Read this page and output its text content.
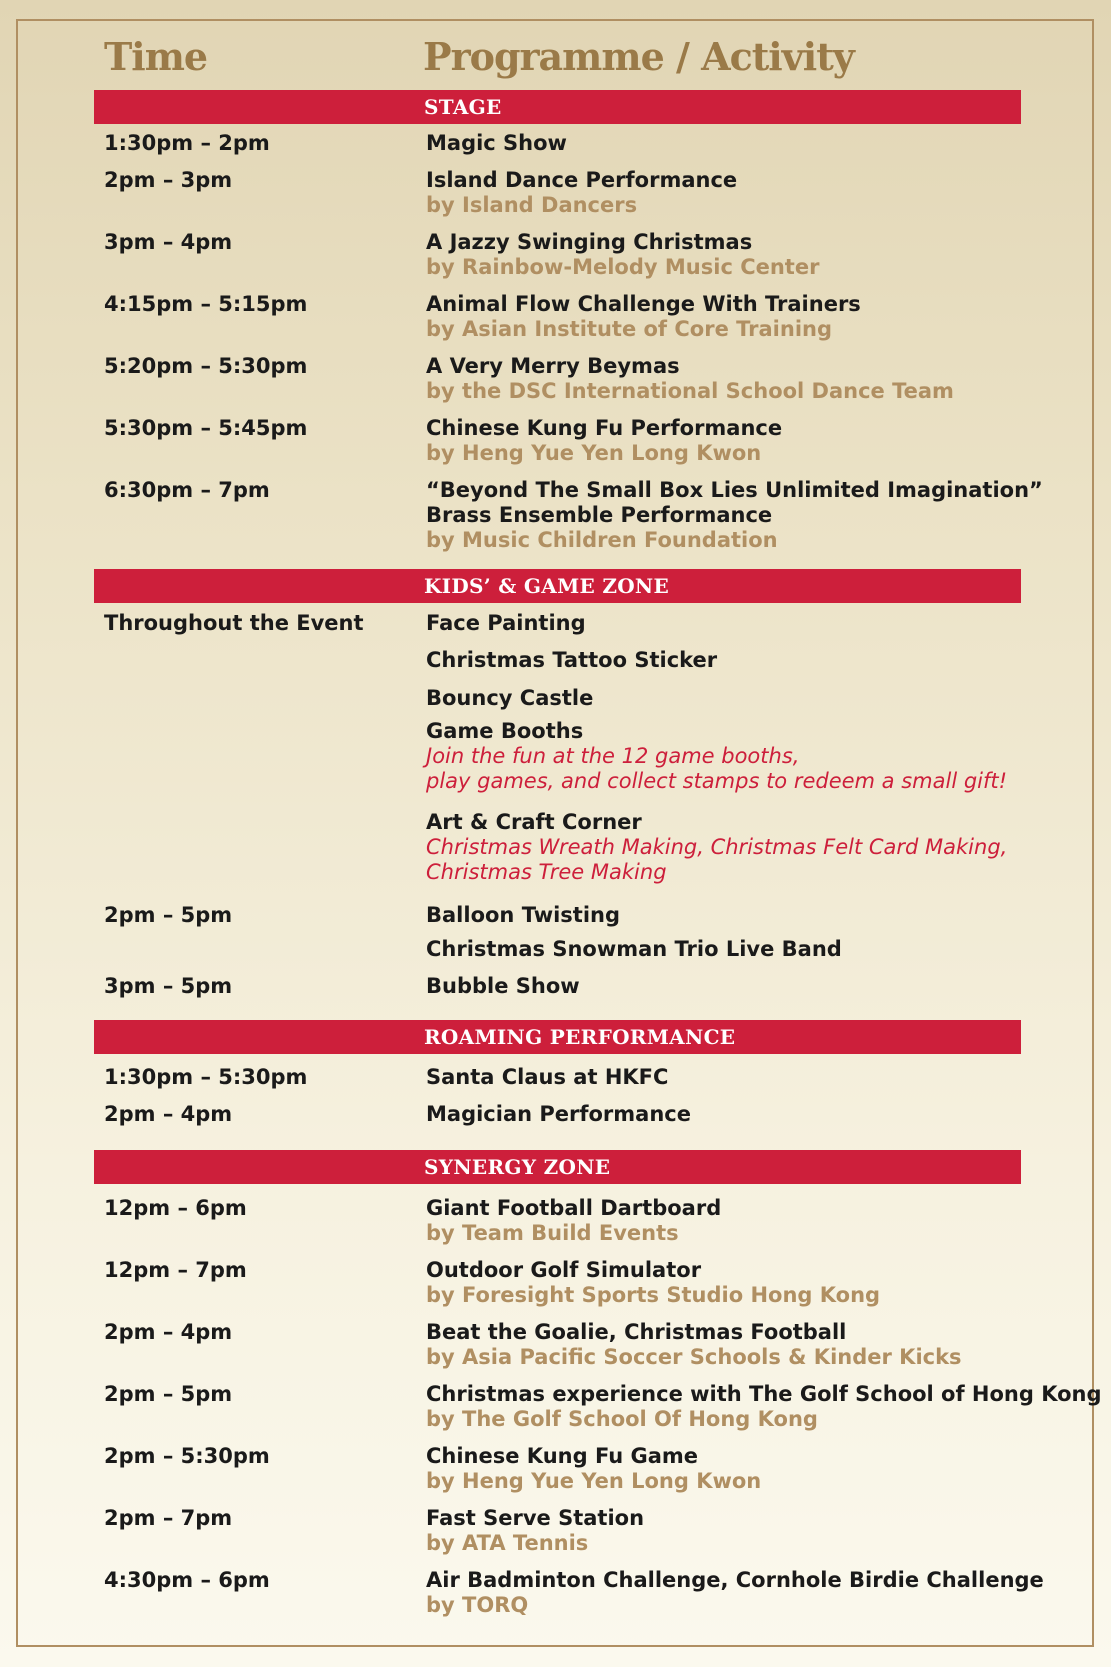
Time	Programme / Activity
STAGE
1:30pm – 2pm	Magic Show
2pm – 3pm	Island Dance Performance
by Island Dancers
3pm – 4pm	A Jazzy Swinging Christmas
by Rainbow-Melody Music Center
4:15pm – 5:15pm	Animal Flow Challenge With Trainers
by Asian Institute of Core Training
5:20pm – 5:30pm	A Very Merry Beymas
by the DSC International School Dance Team
5:30pm – 5:45pm	Chinese Kung Fu Performance
by Heng Yue Yen Long Kwon
6:30pm – 7pm	“Beyond The Small Box Lies Unlimited Imagination”
Brass Ensemble Performance
by Music Children Foundation
KIDS’ & GAME ZONE
Throughout the Event	Face Painting
Christmas Tattoo Sticker
Bouncy Castle
Game Booths
Join the fun at the 12 game booths,
play games, and collect stamps to redeem a small gift!
Art & Craft Corner
Christmas Wreath Making, Christmas Felt Card Making,
Christmas Tree Making
2pm – 5pm	Balloon Twisting
Christmas Snowman Trio Live Band
3pm – 5pm	Bubble Show
ROAMING PERFORMANCE
1:30pm – 5:30pm	Santa Claus at HKFC
2pm – 4pm	Magician Performance
SYNERGY ZONE
12pm – 6pm	Giant Football Dartboard
by Team Build Events
12pm – 7pm	Outdoor Golf Simulator
by Foresight Sports Studio Hong Kong
2pm – 4pm	Beat the Goalie, Christmas Football
by Asia Pacific Soccer Schools & Kinder Kicks
2pm – 5pm	Christmas experience with The Golf School of Hong Kong
by The Golf School Of Hong Kong
2pm – 5:30pm	Chinese Kung Fu Game
by Heng Yue Yen Long Kwon
2pm – 7pm	Fast Serve Station
by ATA Tennis
4:30pm – 6pm	Air Badminton Challenge, Cornhole Birdie Challenge
by TORQ
